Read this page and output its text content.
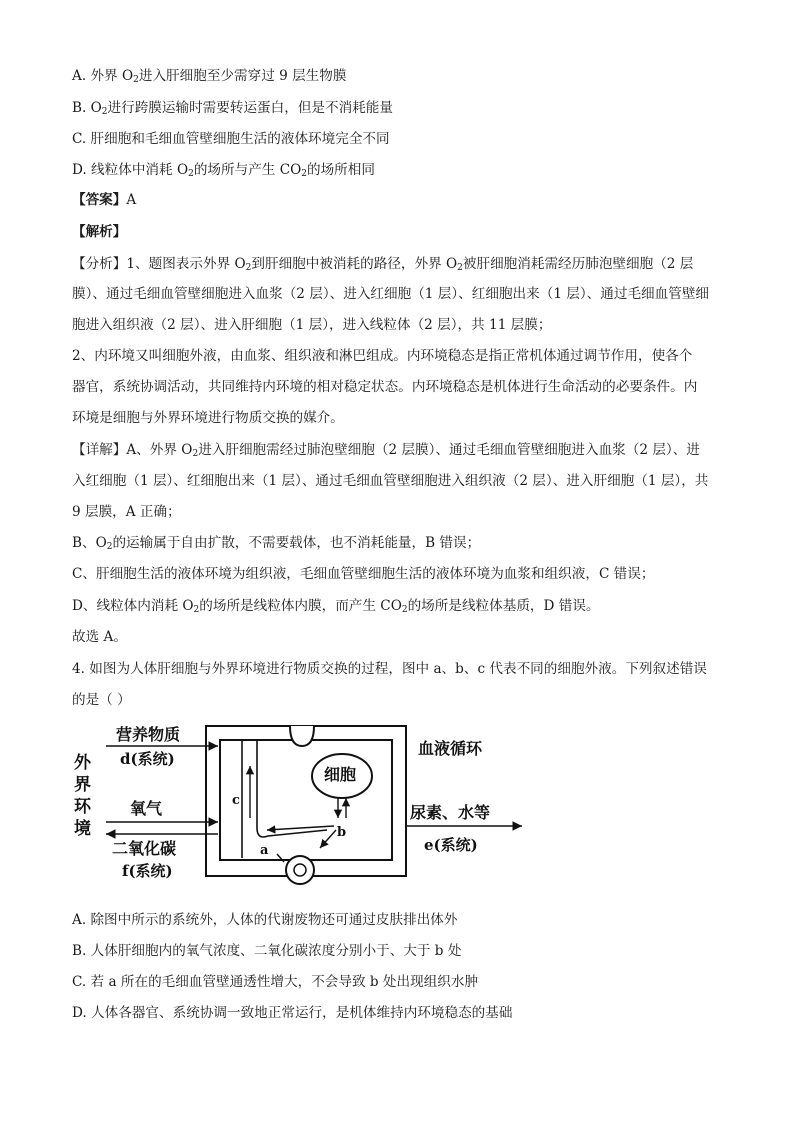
A. 外界 $O_2$进入肝细胞至少需穿过 9 层生物膜
B. $O_2$进行跨膜运输时需要转运蛋白，但是不消耗能量
C. 肝细胞和毛细血管壁细胞生活的液体环境完全不同
D. 线粒体中消耗 $O_2$的场所与产生 $CO_2$的场所相同
【答案】A
【解析】
【分析】1、题图表示外界 $O_2$到肝细胞中被消耗的路径，外界 $O_2$被肝细胞消耗需经历肺泡壁细胞（2 层
膜）、通过毛细血管壁细胞进入血浆（2 层）、进入红细胞（1 层）、红细胞出来（1 层）、通过毛细血管壁细
胞进入组织液（2 层）、进入肝细胞（1 层），进入线粒体（2 层），共 11 层膜；
2、内环境又叫细胞外液，由血浆、组织液和淋巴组成。内环境稳态是指正常机体通过调节作用，使各个
器官，系统协调活动，共同维持内环境的相对稳定状态。内环境稳态是机体进行生命活动的必要条件。内
环境是细胞与外界环境进行物质交换的媒介。
【详解】A、外界 $O_2$进入肝细胞需经过肺泡壁细胞（2 层膜）、通过毛细血管壁细胞进入血浆（2 层）、进
入红细胞（1 层）、红细胞出来（1 层）、通过毛细血管壁细胞进入组织液（2 层）、进入肝细胞（1 层），共
9 层膜，A 正确；
B、$O_2$的运输属于自由扩散，不需要载体，也不消耗能量，B 错误；
C、肝细胞生活的液体环境为组织液，毛细血管壁细胞生活的液体环境为血浆和组织液，C 错误；
D、线粒体内消耗 $O_2$的场所是线粒体内膜，而产生 $CO_2$的场所是线粒体基质，D 错误。
故选 A。
4. 如图为人体肝细胞与外界环境进行物质交换的过程，图中 a、b、c 代表不同的细胞外液。下列叙述错误
的是（ ）
外
界
环
境
c
细胞
b
a
营养物质
d(系统)
氧气
二氧化碳
f(系统)
血液循环
尿素、水等
e(系统)
A. 除图中所示的系统外，人体的代谢废物还可通过皮肤排出体外
B. 人体肝细胞内的氧气浓度、二氧化碳浓度分别小于、大于 b 处
C. 若 a 所在的毛细血管壁通透性增大，不会导致 b 处出现组织水肿
D. 人体各器官、系统协调一致地正常运行，是机体维持内环境稳态的基础
